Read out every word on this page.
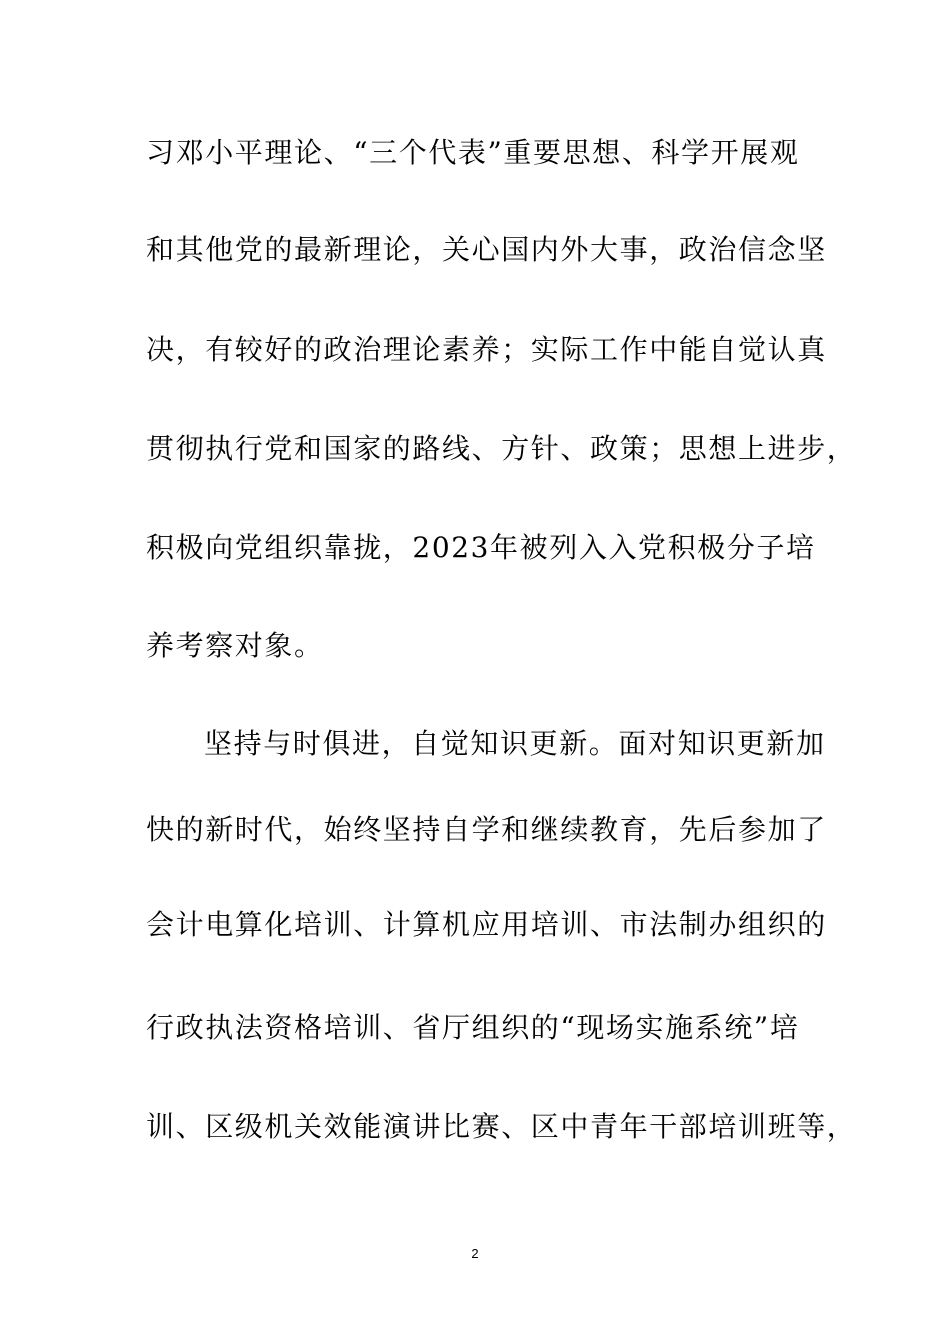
习邓小平理论、“三个代表”重要思想、科学开展观
和其他党的最新理论，关心国内外大事，政治信念坚
决，有较好的政治理论素养；实际工作中能自觉认真
贯彻执行党和国家的路线、方针、政策；思想上进步，
积极向党组织靠拢，2023年被列入入党积极分子培
养考察对象。
坚持与时俱进，自觉知识更新。面对知识更新加
快的新时代，始终坚持自学和继续教育，先后参加了
会计电算化培训、计算机应用培训、市法制办组织的
行政执法资格培训、省厅组织的“现场实施系统”培
训、区级机关效能演讲比赛、区中青年干部培训班等，
2
